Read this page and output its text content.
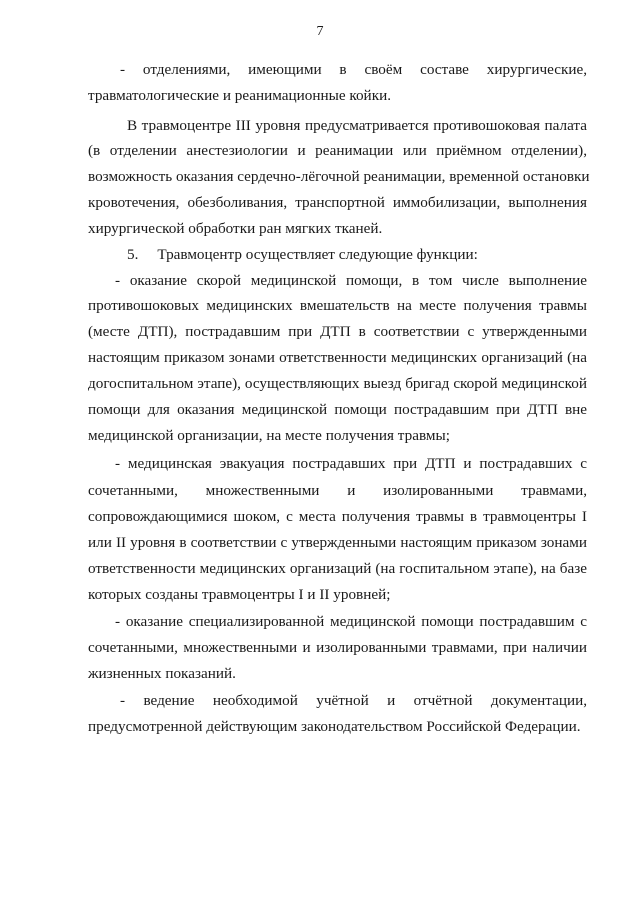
7
- отделениями, имеющими в своём составе хирургические,
травматологические и реанимационные койки.
В травмоцентре III уровня предусматривается противошоковая палата
(в отделении анестезиологии и реанимации или приёмном отделении),
возможность оказания сердечно-лёгочной реанимации, временной остановки
кровотечения, обезболивания, транспортной иммобилизации, выполнения
хирургической обработки ран мягких тканей.
5.     Травмоцентр осуществляет следующие функции:
- оказание скорой медицинской помощи, в том числе выполнение
противошоковых медицинских вмешательств на месте получения травмы
(месте ДТП), пострадавшим при ДТП в соответствии с утвержденными
настоящим приказом зонами ответственности медицинских организаций (на
догоспитальном этапе), осуществляющих выезд бригад скорой медицинской
помощи для оказания медицинской помощи пострадавшим при ДТП вне
медицинской организации, на месте получения травмы;
- медицинская эвакуация пострадавших при ДТП и пострадавших с
сочетанными, множественными и изолированными травмами,
сопровождающимися шоком, с места получения травмы в травмоцентры I
или II уровня в соответствии с утвержденными настоящим приказом зонами
ответственности медицинских организаций (на госпитальном этапе), на базе
которых созданы травмоцентры I и II уровней;
- оказание специализированной медицинской помощи пострадавшим с
сочетанными, множественными и изолированными травмами, при наличии
жизненных показаний.
- ведение необходимой учётной и отчётной документации,
предусмотренной действующим законодательством Российской Федерации.
